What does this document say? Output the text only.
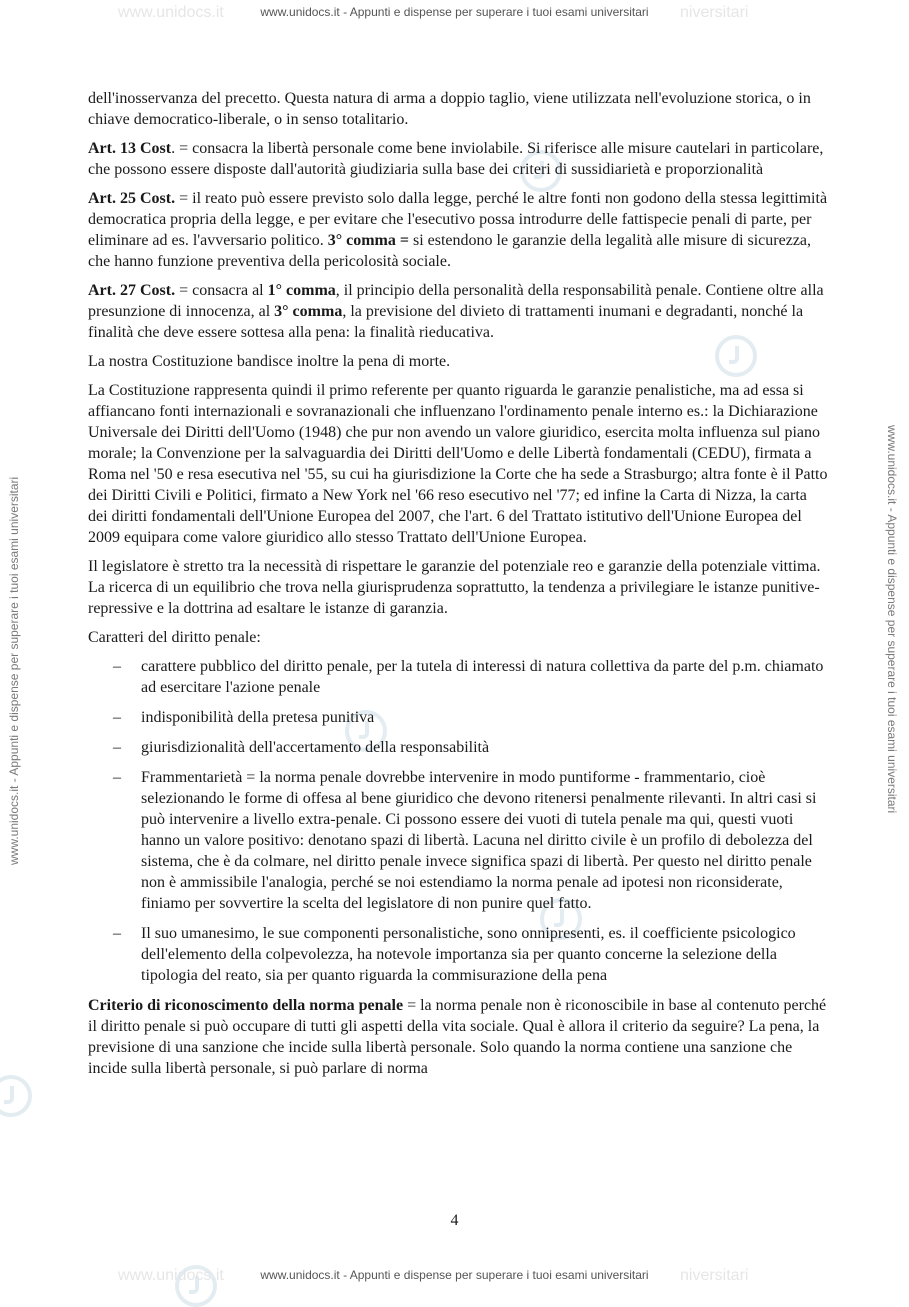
www.unidocs.it	niversitari
www.unidocs.it	niversitari
www.unidocs.it - Appunti e dispense per superare i tuoi esami universitari
www.unidocs.it - Appunti e dispense per superare i tuoi esami universitari	www.unidocs.it - Appunti e dispense per superare i tuoi esami universitari

dell'inosservanza del precetto. Questa natura di arma a doppio taglio, viene utilizzata nell'evoluzione storica, o in chiave democratico-liberale, o in senso totalitario.

Art. 13 Cost. = consacra la libertà personale come bene inviolabile. Si riferisce alle misure cautelari in particolare, che possono essere disposte dall'autorità giudiziaria sulla base dei criteri di sussidiarietà e proporzionalità

Art. 25 Cost. = il reato può essere previsto solo dalla legge, perché le altre fonti non godono della stessa legittimità democratica propria della legge, e per evitare che l'esecutivo possa introdurre delle fattispecie penali di parte, per eliminare ad es. l'avversario politico. 3° comma = si estendono le garanzie della legalità alle misure di sicurezza, che hanno funzione preventiva della pericolosità sociale.

Art. 27 Cost. = consacra al 1° comma, il principio della personalità della responsabilità penale. Contiene oltre alla presunzione di innocenza, al 3° comma, la previsione del divieto di trattamenti inumani e degradanti, nonché la finalità che deve essere sottesa alla pena: la finalità rieducativa.

La nostra Costituzione bandisce inoltre la pena di morte.

La Costituzione rappresenta quindi il primo referente per quanto riguarda le garanzie penalistiche, ma ad essa si affiancano fonti internazionali e sovranazionali che influenzano l'ordinamento penale interno es.: la Dichiarazione Universale dei Diritti dell'Uomo (1948) che pur non avendo un valore giuridico, esercita molta influenza sul piano morale; la Convenzione per la salvaguardia dei Diritti dell'Uomo e delle Libertà fondamentali (CEDU), firmata a Roma nel '50 e resa esecutiva nel '55, su cui ha giurisdizione la Corte che ha sede a Strasburgo; altra fonte è il Patto dei Diritti Civili e Politici, firmato a New York nel '66 reso esecutivo nel '77; ed infine la Carta di Nizza, la carta dei diritti fondamentali dell'Unione Europea del 2007, che l'art. 6 del Trattato istitutivo dell'Unione Europea del 2009 equipara come valore giuridico allo stesso Trattato dell'Unione Europea.

Il legislatore è stretto tra la necessità di rispettare le garanzie del potenziale reo e garanzie della potenziale vittima. La ricerca di un equilibrio che trova nella giurisprudenza soprattutto, la tendenza a privilegiare le istanze punitive-repressive e la dottrina ad esaltare le istanze di garanzia.

Caratteri del diritto penale:

– carattere pubblico del diritto penale, per la tutela di interessi di natura collettiva da parte del p.m. chiamato ad esercitare l'azione penale
– indisponibilità della pretesa punitiva
– giurisdizionalità dell'accertamento della responsabilità
– Frammentarietà = la norma penale dovrebbe intervenire in modo puntiforme - frammentario, cioè selezionando le forme di offesa al bene giuridico che devono ritenersi penalmente rilevanti. In altri casi si può intervenire a livello extra-penale. Ci possono essere dei vuoti di tutela penale ma qui, questi vuoti hanno un valore positivo: denotano spazi di libertà. Lacuna nel diritto civile è un profilo di debolezza del sistema, che è da colmare, nel diritto penale invece significa spazi di libertà. Per questo nel diritto penale non è ammissibile l'analogia, perché se noi estendiamo la norma penale ad ipotesi non riconsiderate, finiamo per sovvertire la scelta del legislatore di non punire quel fatto.
– Il suo umanesimo, le sue componenti personalistiche, sono onnipresenti, es. il coefficiente psicologico dell'elemento della colpevolezza, ha notevole importanza sia per quanto concerne la selezione della tipologia del reato, sia per quanto riguarda la commisurazione della pena

Criterio di riconoscimento della norma penale = la norma penale non è riconoscibile in base al contenuto perché il diritto penale si può occupare di tutti gli aspetti della vita sociale. Qual è allora il criterio da seguire? La pena, la previsione di una sanzione che incide sulla libertà personale. Solo quando la norma contiene una sanzione che incide sulla libertà personale, si può parlare di norma

4
www.unidocs.it - Appunti e dispense per superare i tuoi esami universitari
